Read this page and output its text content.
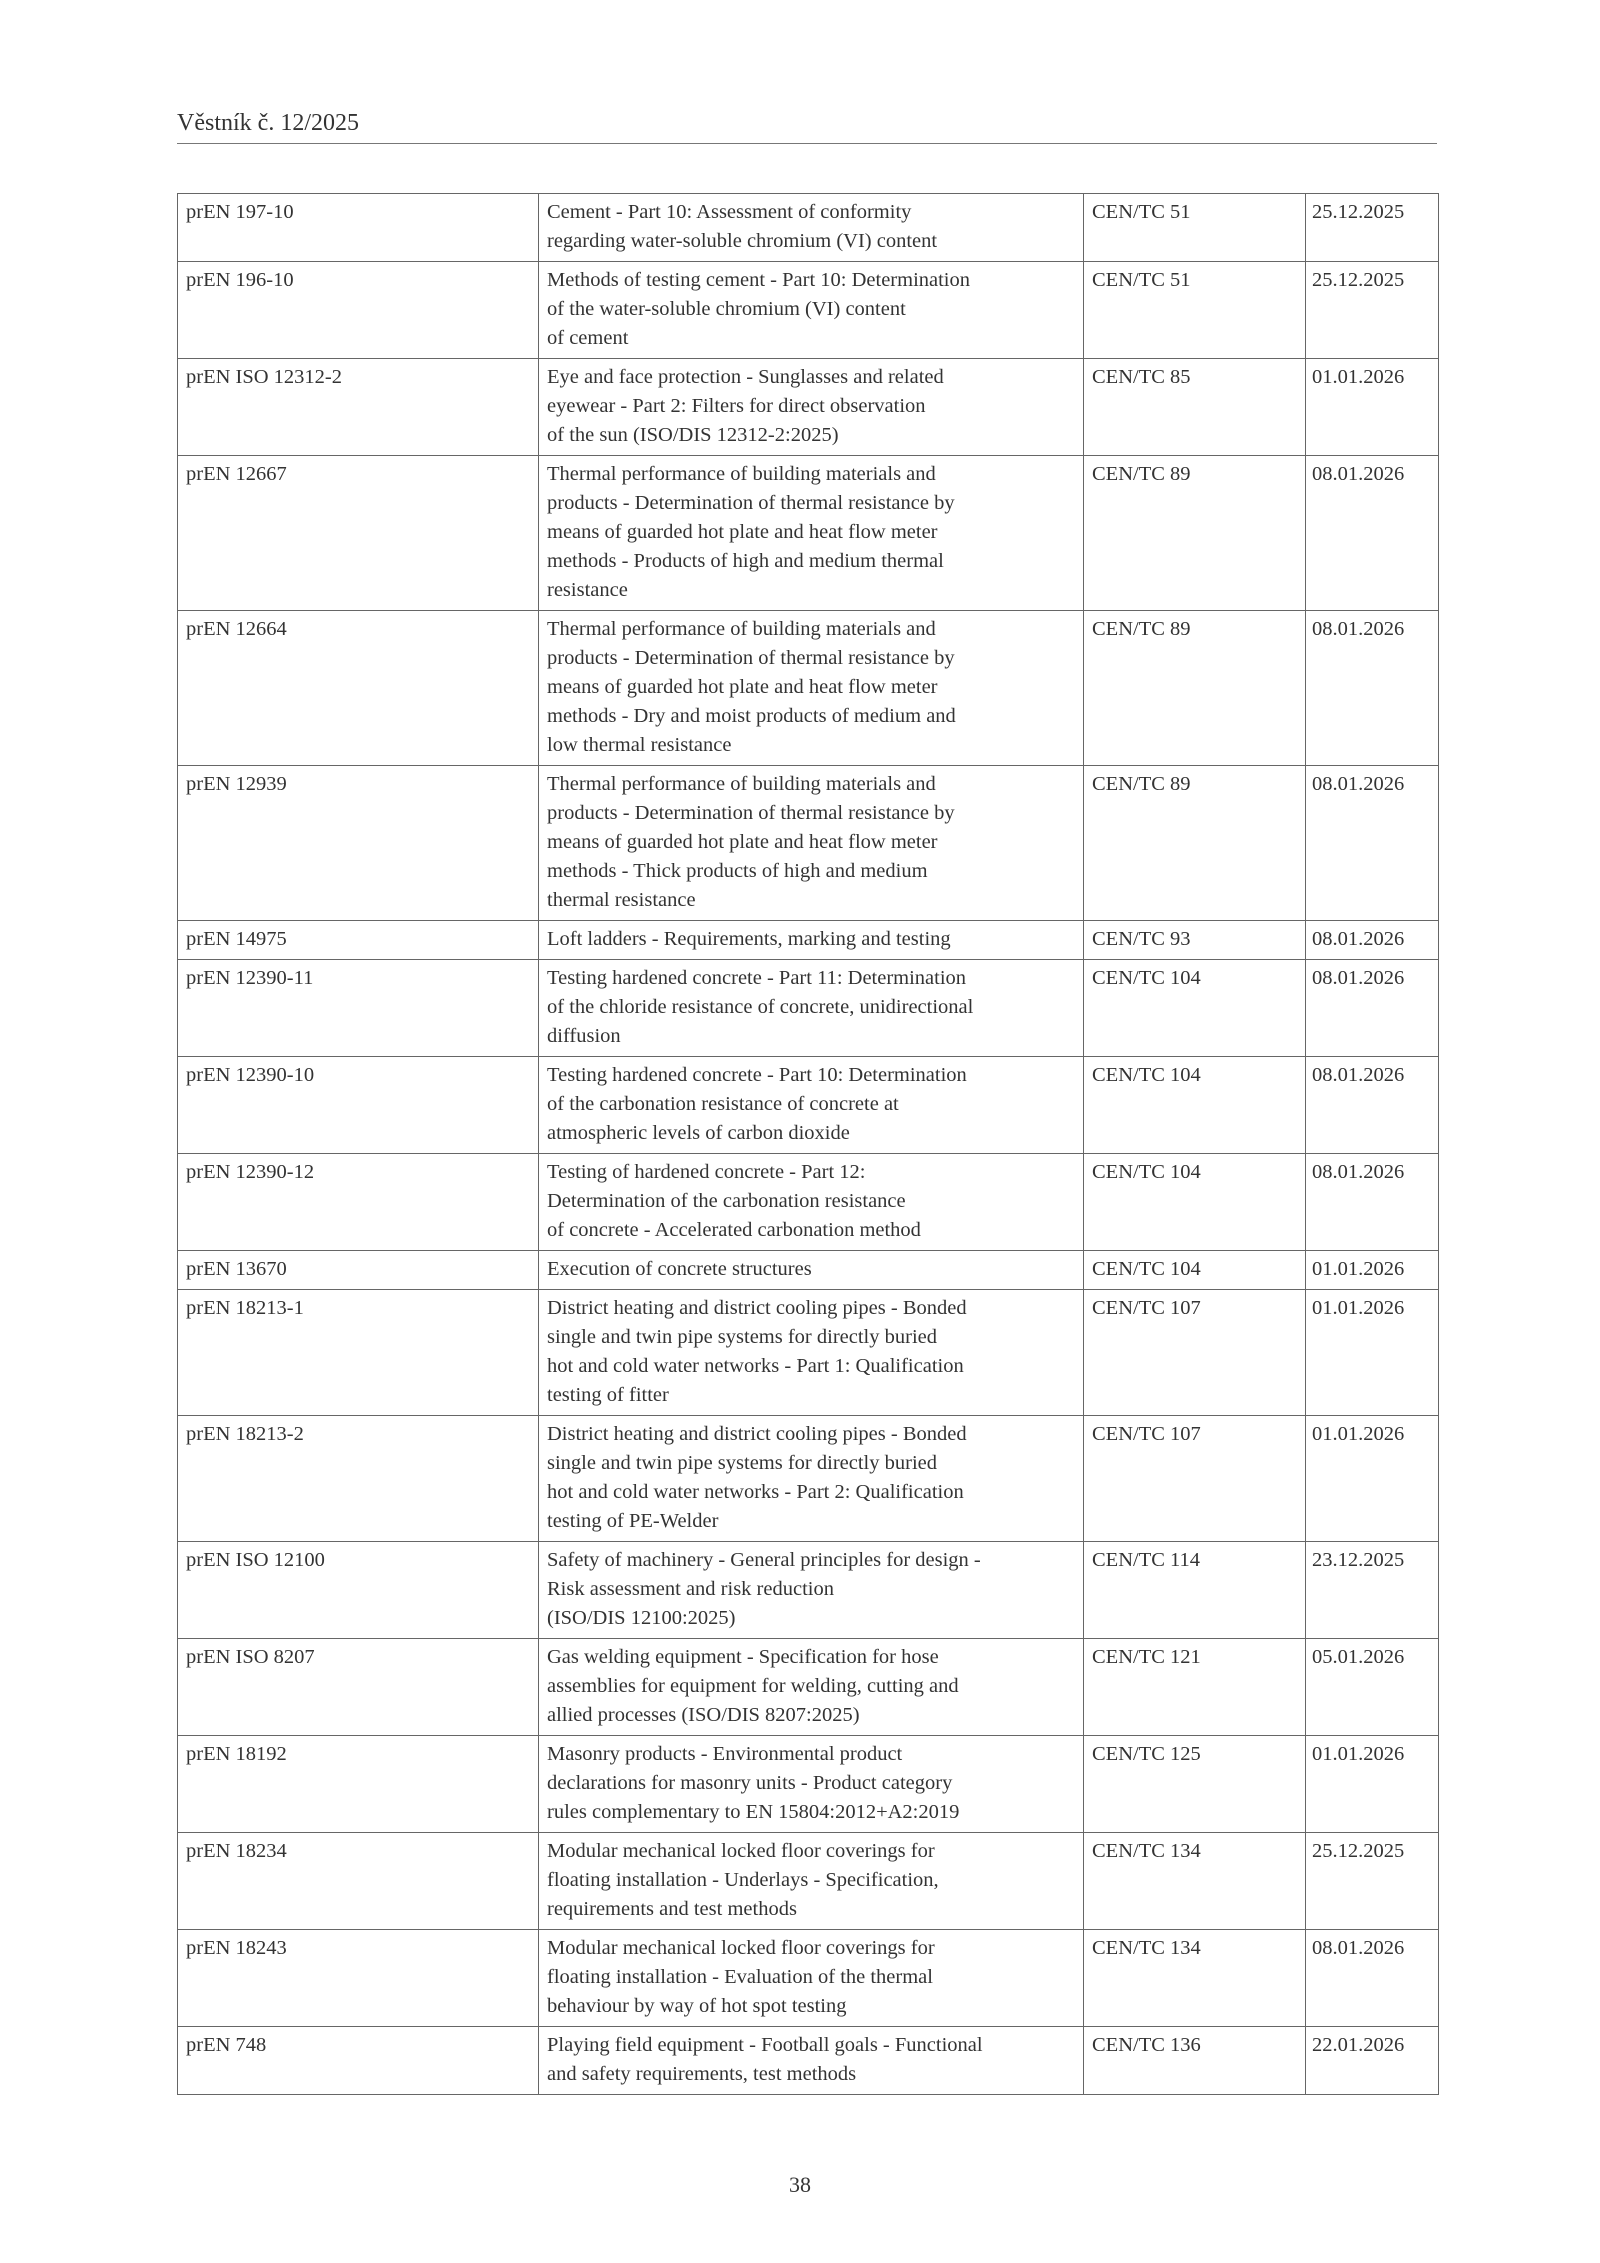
Věstník č. 12/2025
prEN 197-10	Cement - Part 10: Assessment of conformity
regarding water-soluble chromium (VI) content	CEN/TC 51	25.12.2025
prEN 196-10	Methods of testing cement - Part 10: Determination
of the water-soluble chromium (VI) content
of cement	CEN/TC 51	25.12.2025
prEN ISO 12312-2	Eye and face protection - Sunglasses and related
eyewear - Part 2: Filters for direct observation
of the sun (ISO/DIS 12312-2:2025)	CEN/TC 85	01.01.2026
prEN 12667	Thermal performance of building materials and
products - Determination of thermal resistance by
means of guarded hot plate and heat flow meter
methods - Products of high and medium thermal
resistance	CEN/TC 89	08.01.2026
prEN 12664	Thermal performance of building materials and
products - Determination of thermal resistance by
means of guarded hot plate and heat flow meter
methods - Dry and moist products of medium and
low thermal resistance	CEN/TC 89	08.01.2026
prEN 12939	Thermal performance of building materials and
products - Determination of thermal resistance by
means of guarded hot plate and heat flow meter
methods - Thick products of high and medium
thermal resistance	CEN/TC 89	08.01.2026
prEN 14975	Loft ladders - Requirements, marking and testing	CEN/TC 93	08.01.2026
prEN 12390-11	Testing hardened concrete - Part 11: Determination
of the chloride resistance of concrete, unidirectional
diffusion	CEN/TC 104	08.01.2026
prEN 12390-10	Testing hardened concrete - Part 10: Determination
of the carbonation resistance of concrete at
atmospheric levels of carbon dioxide	CEN/TC 104	08.01.2026
prEN 12390-12	Testing of hardened concrete - Part 12:
Determination of the carbonation resistance
of concrete - Accelerated carbonation method	CEN/TC 104	08.01.2026
prEN 13670	Execution of concrete structures	CEN/TC 104	01.01.2026
prEN 18213-1	District heating and district cooling pipes - Bonded
single and twin pipe systems for directly buried
hot and cold water networks - Part 1: Qualification
testing of fitter	CEN/TC 107	01.01.2026
prEN 18213-2	District heating and district cooling pipes - Bonded
single and twin pipe systems for directly buried
hot and cold water networks - Part 2: Qualification
testing of PE-Welder	CEN/TC 107	01.01.2026
prEN ISO 12100	Safety of machinery - General principles for design -
Risk assessment and risk reduction
(ISO/DIS 12100:2025)	CEN/TC 114	23.12.2025
prEN ISO 8207	Gas welding equipment - Specification for hose
assemblies for equipment for welding, cutting and
allied processes (ISO/DIS 8207:2025)	CEN/TC 121	05.01.2026
prEN 18192	Masonry products - Environmental product
declarations for masonry units - Product category
rules complementary to EN 15804:2012+A2:2019	CEN/TC 125	01.01.2026
prEN 18234	Modular mechanical locked floor coverings for
floating installation - Underlays - Specification,
requirements and test methods	CEN/TC 134	25.12.2025
prEN 18243	Modular mechanical locked floor coverings for
floating installation - Evaluation of the thermal
behaviour by way of hot spot testing	CEN/TC 134	08.01.2026
prEN 748	Playing field equipment - Football goals - Functional
and safety requirements, test methods	CEN/TC 136	22.01.2026
38
